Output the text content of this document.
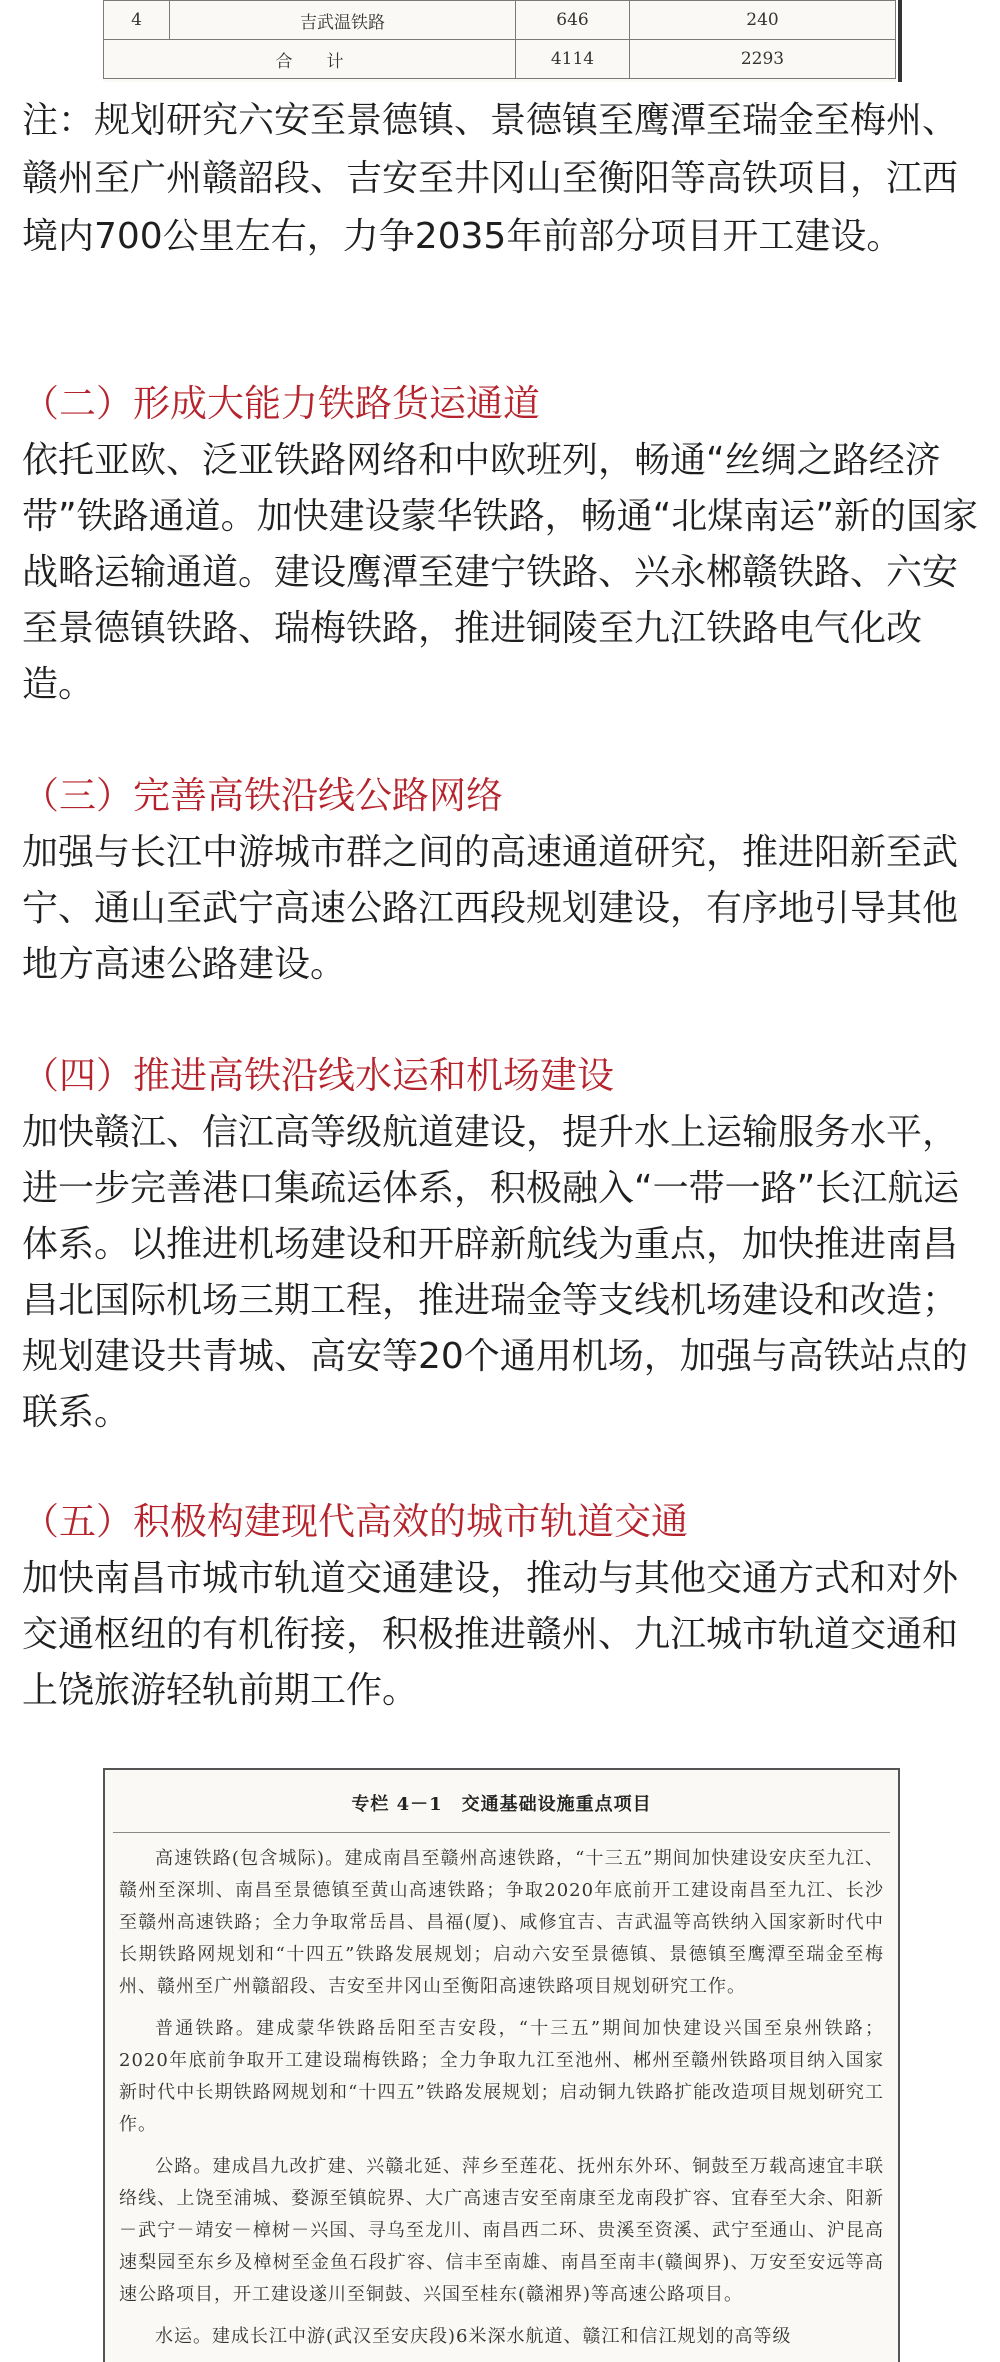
4	吉武温铁路	646	240
合　　计		4114	2293

注：规划研究六安至景德镇、景德镇至鹰潭至瑞金至梅州、赣州至广州赣韶段、吉安至井冈山至衡阳等高铁项目，江西境内700公里左右，力争2035年前部分项目开工建设。

（二）形成大能力铁路货运通道

依托亚欧、泛亚铁路网络和中欧班列，畅通“丝绸之路经济带”铁路通道。加快建设蒙华铁路，畅通“北煤南运”新的国家战略运输通道。建设鹰潭至建宁铁路、兴永郴赣铁路、六安至景德镇铁路、瑞梅铁路，推进铜陵至九江铁路电气化改造。

（三）完善高铁沿线公路网络

加强与长江中游城市群之间的高速通道研究，推进阳新至武宁、通山至武宁高速公路江西段规划建设，有序地引导其他地方高速公路建设。

（四）推进高铁沿线水运和机场建设

加快赣江、信江高等级航道建设，提升水上运输服务水平，进一步完善港口集疏运体系，积极融入“一带一路”长江航运体系。以推进机场建设和开辟新航线为重点，加快推进南昌昌北国际机场三期工程，推进瑞金等支线机场建设和改造；规划建设共青城、高安等20个通用机场，加强与高铁站点的联系。

（五）积极构建现代高效的城市轨道交通

加快南昌市城市轨道交通建设，推动与其他交通方式和对外交通枢纽的有机衔接，积极推进赣州、九江城市轨道交通和上饶旅游轻轨前期工作。

专栏 4－1　交通基础设施重点项目

高速铁路(包含城际)。建成南昌至赣州高速铁路，“十三五”期间加快建设安庆至九江、赣州至深圳、南昌至景德镇至黄山高速铁路；争取2020年底前开工建设南昌至九江、长沙至赣州高速铁路；全力争取常岳昌、昌福(厦)、咸修宜吉、吉武温等高铁纳入国家新时代中长期铁路网规划和“十四五”铁路发展规划；启动六安至景德镇、景德镇至鹰潭至瑞金至梅州、赣州至广州赣韶段、吉安至井冈山至衡阳高速铁路项目规划研究工作。

普通铁路。建成蒙华铁路岳阳至吉安段，“十三五”期间加快建设兴国至泉州铁路；2020年底前争取开工建设瑞梅铁路；全力争取九江至池州、郴州至赣州铁路项目纳入国家新时代中长期铁路网规划和“十四五”铁路发展规划；启动铜九铁路扩能改造项目规划研究工作。

公路。建成昌九改扩建、兴赣北延、萍乡至莲花、抚州东外环、铜鼓至万载高速宜丰联络线、上饶至浦城、婺源至镇皖界、大广高速吉安至南康至龙南段扩容、宜春至大余、阳新－武宁－靖安－樟树－兴国、寻乌至龙川、南昌西二环、贵溪至资溪、武宁至通山、沪昆高速梨园至东乡及樟树至金鱼石段扩容、信丰至南雄、南昌至南丰(赣闽界)、万安至安远等高速公路项目，开工建设遂川至铜鼓、兴国至桂东(赣湘界)等高速公路项目。

水运。建成长江中游(武汉至安庆段)6米深水航道、赣江和信江规划的高等级
